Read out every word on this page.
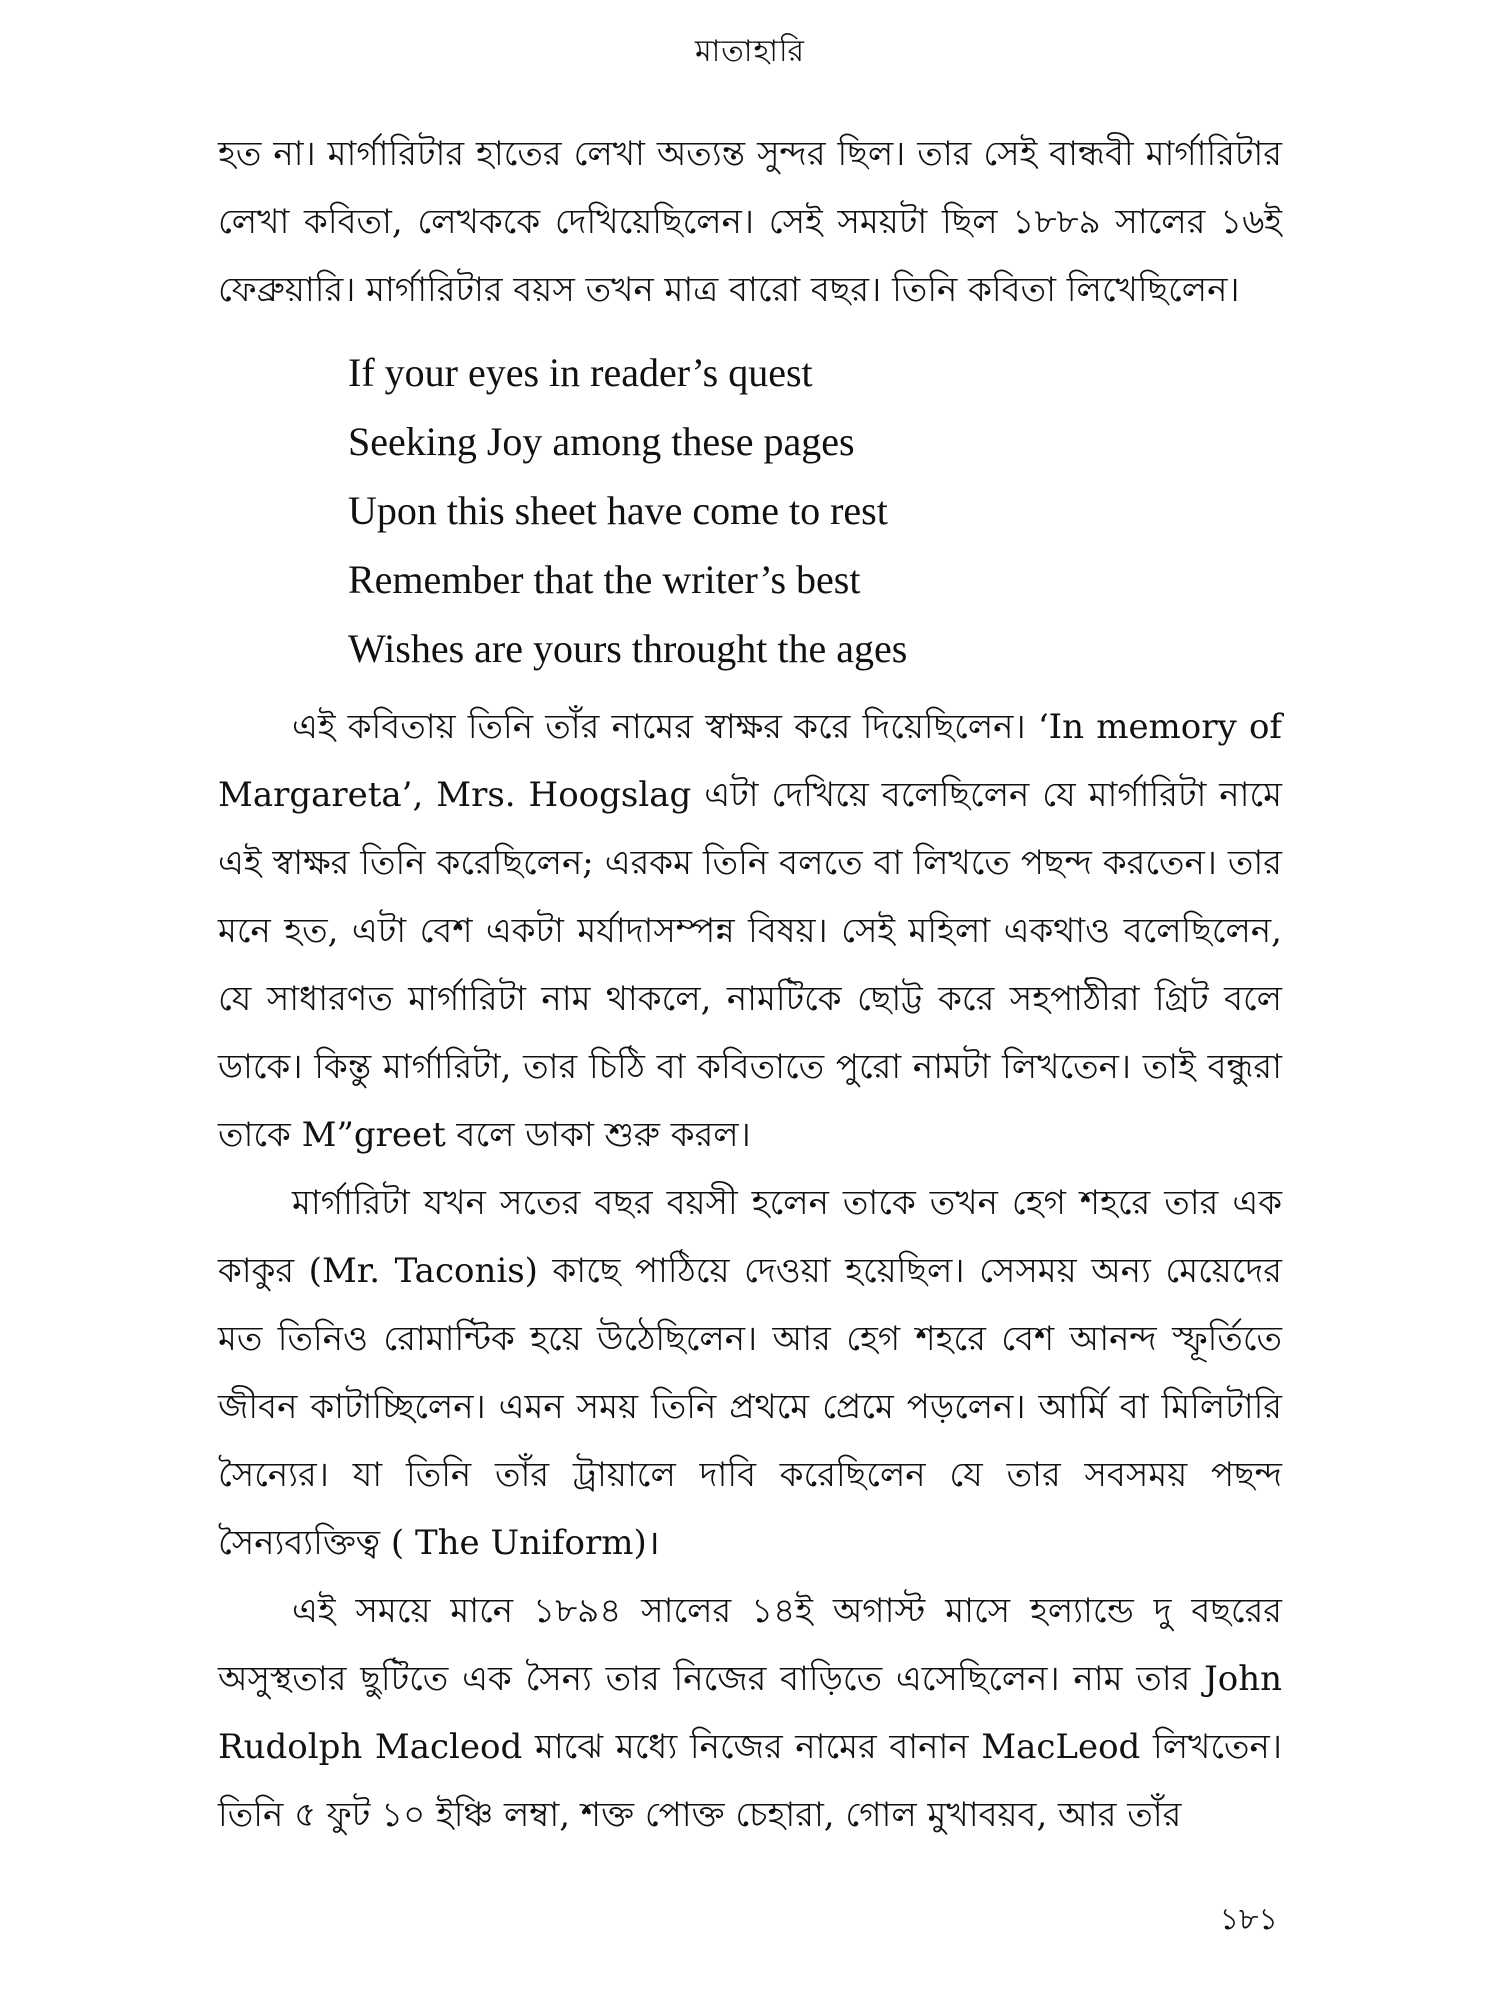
মাতাহারি

হত না। মার্গারিটার হাতের লেখা অত্যন্ত সুন্দর ছিল। তার সেই বান্ধবী মার্গারিটার লেখা কবিতা, লেখককে দেখিয়েছিলেন। সেই সময়টা ছিল ১৮৮৯ সালের ১৬ই ফেব্রুয়ারি। মার্গারিটার বয়স তখন মাত্র বারো বছর। তিনি কবিতা লিখেছিলেন।

If your eyes in reader’s quest
Seeking Joy among these pages
Upon this sheet have come to rest
Remember that the writer’s best
Wishes are yours throught the ages

এই কবিতায় তিনি তাঁর নামের স্বাক্ষর করে দিয়েছিলেন। ‘In memory of Margareta’, Mrs. Hoogslag এটা দেখিয়ে বলেছিলেন যে মার্গারিটা নামে এই স্বাক্ষর তিনি করেছিলেন; এরকম তিনি বলতে বা লিখতে পছন্দ করতেন। তার মনে হত, এটা বেশ একটা মর্যাদাসম্পন্ন বিষয়। সেই মহিলা একথাও বলেছিলেন, যে সাধারণত মার্গারিটা নাম থাকলে, নামটিকে ছোট্ট করে সহপাঠীরা গ্রিট বলে ডাকে। কিন্তু মার্গারিটা, তার চিঠি বা কবিতাতে পুরো নামটা লিখতেন। তাই বন্ধুরা তাকে M”greet বলে ডাকা শুরু করল।

মার্গারিটা যখন সতের বছর বয়সী হলেন তাকে তখন হেগ শহরে তার এক কাকুর (Mr. Taconis) কাছে পাঠিয়ে দেওয়া হয়েছিল। সেসময় অন্য মেয়েদের মত তিনিও রোমান্টিক হয়ে উঠেছিলেন। আর হেগ শহরে বেশ আনন্দ স্ফূর্তিতে জীবন কাটাচ্ছিলেন। এমন সময় তিনি প্রথমে প্রেমে পড়লেন। আর্মি বা মিলিটারি সৈন্যের। যা তিনি তাঁর ট্রায়ালে দাবি করেছিলেন যে তার সবসময় পছন্দ সৈন্যব্যক্তিত্ব ( The Uniform)।

এই সময়ে মানে ১৮৯৪ সালের ১৪ই অগাস্ট মাসে হল্যান্ডে দু বছরের অসুস্থতার ছুটিতে এক সৈন্য তার নিজের বাড়িতে এসেছিলেন। নাম তার John Rudolph Macleod মাঝে মধ্যে নিজের নামের বানান MacLeod লিখতেন। তিনি ৫ ফুট ১০ ইঞ্চি লম্বা, শক্ত পোক্ত চেহারা, গোল মুখাবয়ব, আর তাঁর

১৮১
